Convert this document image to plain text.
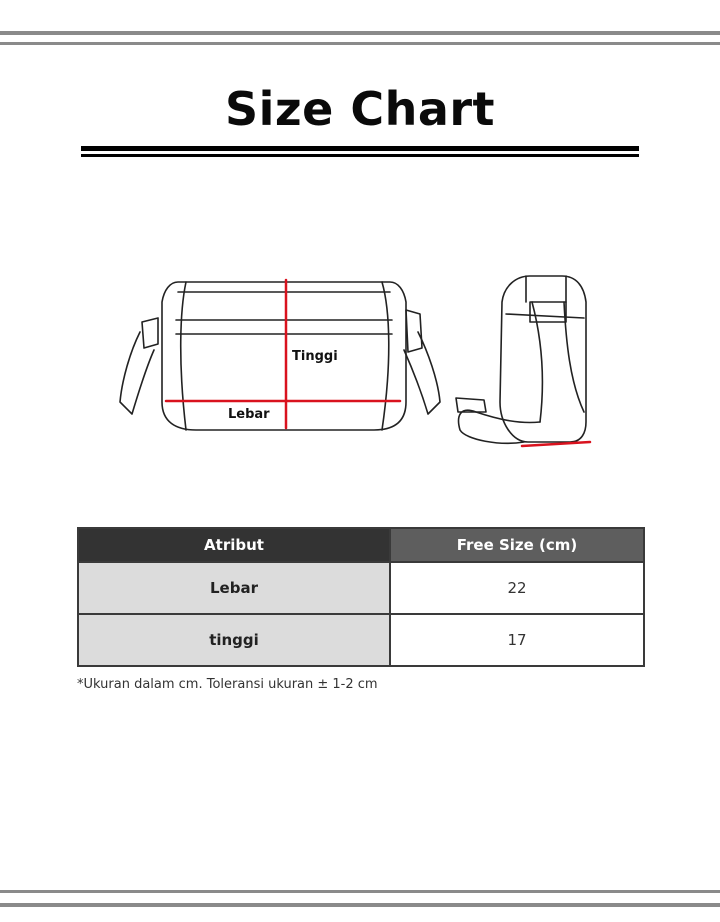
Size Chart
Tinggi
Lebar
Atribut	Free Size (cm)
Lebar	22
tinggi	17
*Ukuran dalam cm. Toleransi ukuran ± 1-2 cm
